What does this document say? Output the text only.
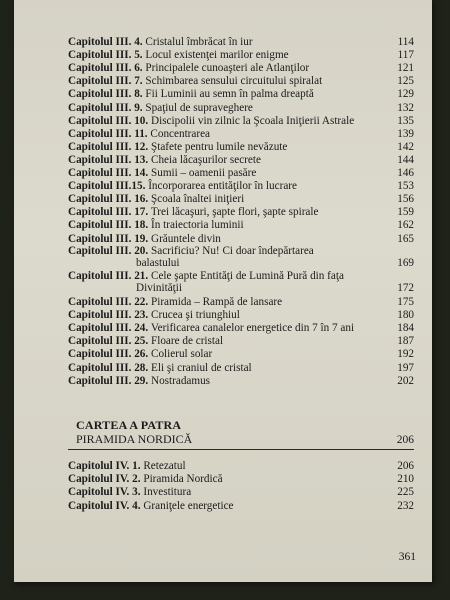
Capitolul III. 4. Cristalul îmbrăcat în iur	114
Capitolul III. 5. Locul existenţei marilor enigme	117
Capitolul III. 6. Principalele cunoaşteri ale Atlanţilor	121
Capitolul III. 7. Schimbarea sensului circuitului spiralat	125
Capitolul III. 8. Fii Luminii au semn în palma dreaptă	129
Capitolul III. 9. Spaţiul de supraveghere	132
Capitolul III. 10. Discipolii vin zilnic la Şcoala Iniţierii Astrale	135
Capitolul III. 11. Concentrarea	139
Capitolul III. 12. Ştafete pentru lumile nevăzute	142
Capitolul III. 13. Cheia lăcaşurilor secrete	144
Capitolul III. 14. Sumii – oamenii pasăre	146
Capitolul III.15. Încorporarea entităţilor în lucrare	153
Capitolul III. 16. Şcoala înaltei iniţieri	156
Capitolul III. 17. Trei lăcaşuri, şapte flori, şapte spirale	159
Capitolul III. 18. În traiectoria luminii	162
Capitolul III. 19. Grăuntele divin	165
Capitolul III. 20. Sacrificiu? Nu! Ci doar îndepărtarea
balastului	169
Capitolul III. 21. Cele şapte Entităţi de Lumină Pură din faţa
Divinităţii	172
Capitolul III. 22. Piramida – Rampă de lansare	175
Capitolul III. 23. Crucea şi triunghiul	180
Capitolul III. 24. Verificarea canalelor energetice din 7 în 7 ani	184
Capitolul III. 25. Floare de cristal	187
Capitolul III. 26. Colierul solar	192
Capitolul III. 28. Eli şi craniul de cristal	197
Capitolul III. 29. Nostradamus	202
CARTEA A PATRA
PIRAMIDA NORDICĂ	206
Capitolul IV. 1. Retezatul	206
Capitolul IV. 2. Piramida Nordică	210
Capitolul IV. 3. Investitura	225
Capitolul IV. 4. Graniţele energetice	232
361
